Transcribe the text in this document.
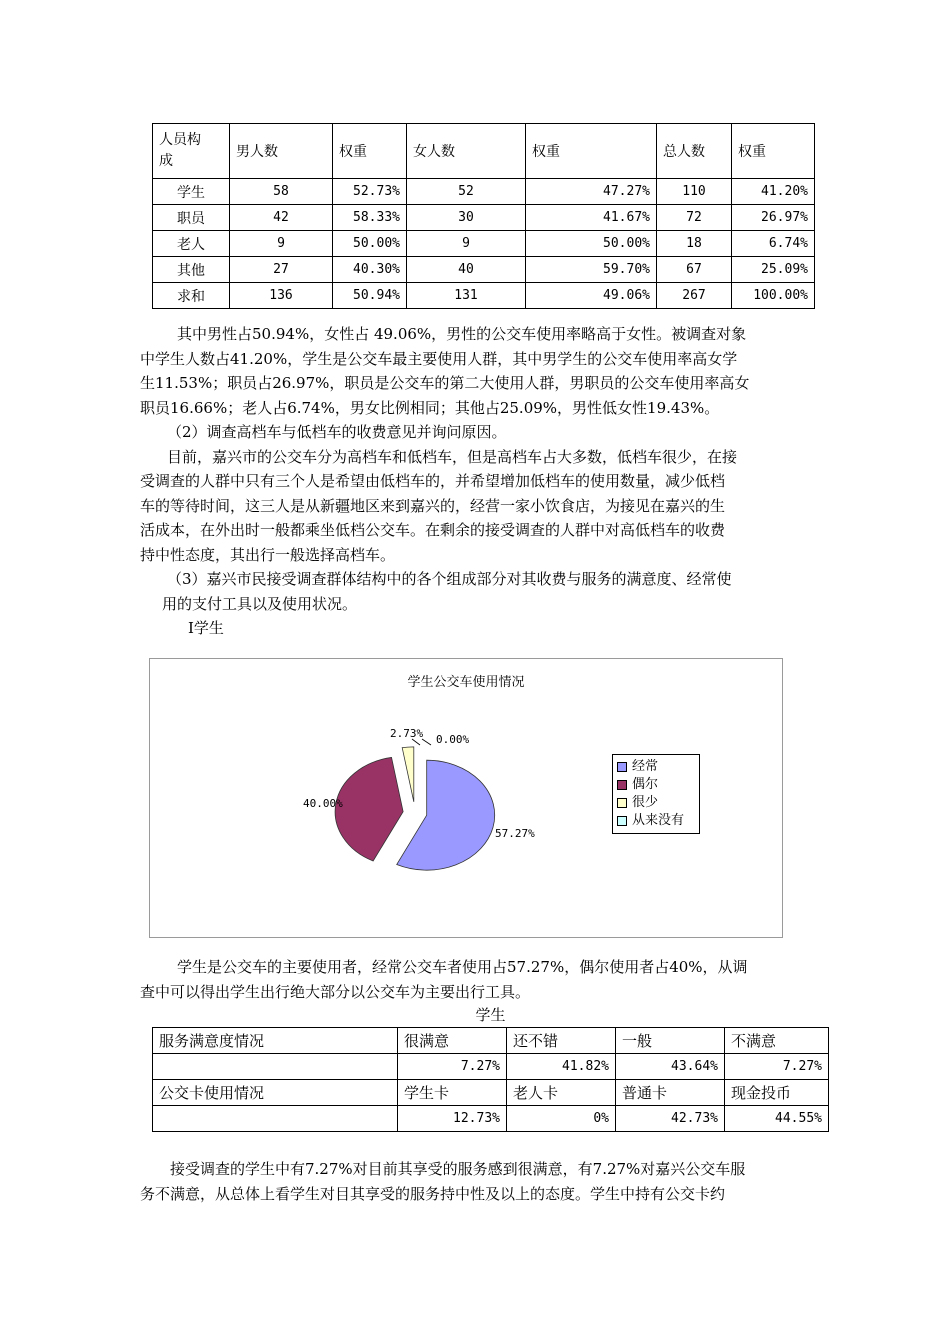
人员构
成	男人数	权重	女人数	权重	总人数	权重
学生	58	52.73%	52	47.27%	110	41.20%
职员	42	58.33%	30	41.67%	72	26.97%
老人	9	50.00%	9	50.00%	18	6.74%
其他	27	40.30%	40	59.70%	67	25.09%
求和	136	50.94%	131	49.06%	267	100.00%

其中男性占50.94%，女性占 49.06%，男性的公交车使用率略高于女性。被调查对象

中学生人数占41.20%，学生是公交车最主要使用人群，其中男学生的公交车使用率高女学

生11.53%；职员占26.97%，职员是公交车的第二大使用人群，男职员的公交车使用率高女

职员16.66%；老人占6.74%，男女比例相同；其他占25.09%，男性低女性19.43%。

（2）调查高档车与低档车的收费意见并询问原因。

目前，嘉兴市的公交车分为高档车和低档车，但是高档车占大多数，低档车很少，在接

受调查的人群中只有三个人是希望由低档车的，并希望增加低档车的使用数量，减少低档

车的等待时间，这三人是从新疆地区来到嘉兴的，经营一家小饮食店，为接见在嘉兴的生

活成本，在外出时一般都乘坐低档公交车。在剩余的接受调查的人群中对高低档车的收费

持中性态度，其出行一般选择高档车。

（3）嘉兴市民接受调查群体结构中的各个组成部分对其收费与服务的满意度、经常使

用的支付工具以及使用状况。

Ⅰ学生

学生公交车使用情况
57.27%
40.00%
2.73% 0.00%
经常
偶尔
很少
从来没有

学生是公交车的主要使用者，经常公交车者使用占57.27%，偶尔使用者占40%，从调

查中可以得出学生出行绝大部分以公交车为主要出行工具。

学生
服务满意度情况	很满意	还不错	一般	不满意
	7.27%	41.82%	43.64%	7.27%
公交卡使用情况	学生卡	老人卡	普通卡	现金投币
	12.73%	0%	42.73%	44.55%

接受调查的学生中有7.27%对目前其享受的服务感到很满意，有7.27%对嘉兴公交车服

务不满意，从总体上看学生对目其享受的服务持中性及以上的态度。学生中持有公交卡约
